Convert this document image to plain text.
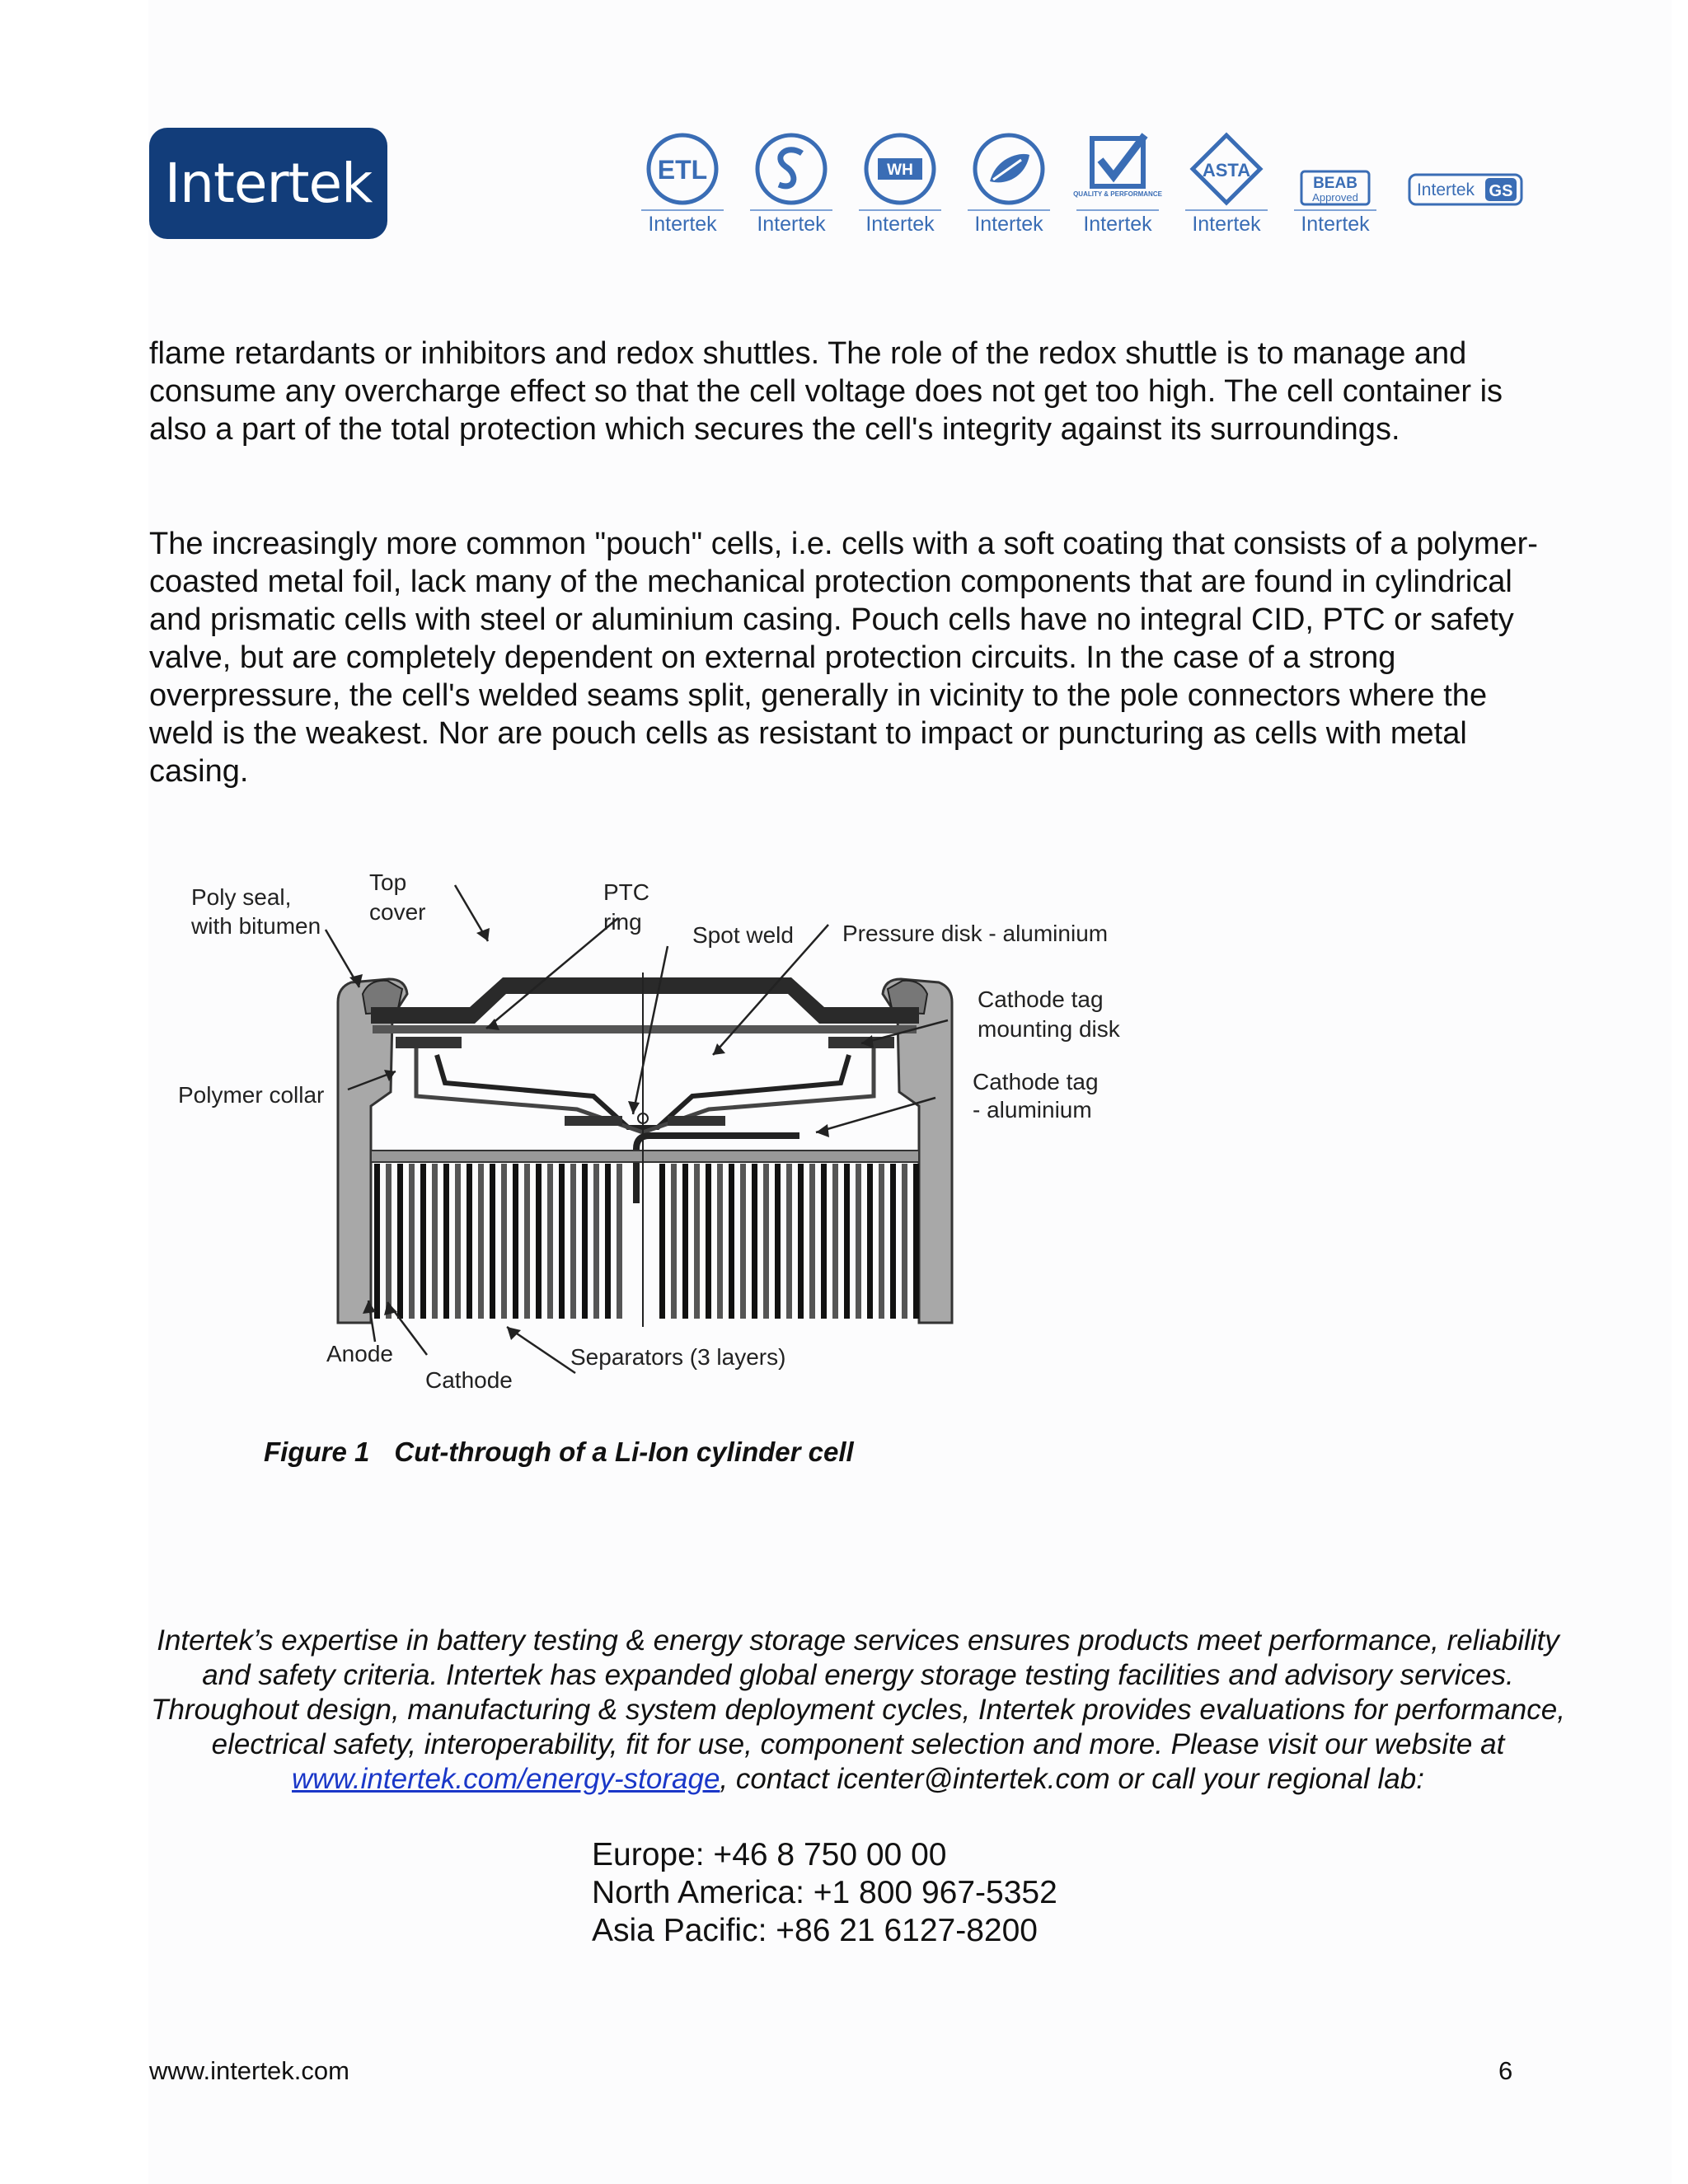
Intertek	ETL
Intertek	Intertek
WH
Intertek	Intertek
QUALITY & PERFORMANCE
Intertek
ASTA
Intertek
BEAB
Approved
Intertek
Intertek GS

flame retardants or inhibitors and redox shuttles. The role of the redox shuttle is to manage and consume any overcharge effect so that the cell voltage does not get too high. The cell container is also a part of the total protection which secures the cell's integrity against its surroundings.

The increasingly more common "pouch" cells, i.e. cells with a soft coating that consists of a polymer-coasted metal foil, lack many of the mechanical protection components that are found in cylindrical and prismatic cells with steel or aluminium casing. Pouch cells have no integral CID, PTC or safety valve, but are completely dependent on external protection circuits. In the case of a strong overpressure, the cell's welded seams split, generally in vicinity to the pole connectors where the weld is the weakest. Nor are pouch cells as resistant to impact or puncturing as cells with metal casing.

Poly seal,
with bitumen
Top
cover
PTC
ring
Spot weld Pressure disk - aluminium
Cathode tag
mounting disk
Polymer collar
Cathode tag
- aluminium
Anode
Cathode
Separators (3 layers)
Figure 1 Cut-through of a Li-Ion cylinder cell

Intertek’s expertise in battery testing & energy storage services ensures products meet performance, reliability and safety criteria. Intertek has expanded global energy storage testing facilities and advisory services. Throughout design, manufacturing & system deployment cycles, Intertek provides evaluations for performance, electrical safety, interoperability, fit for use, component selection and more. Please visit our website at www.intertek.com/energy-storage, contact icenter@intertek.com or call your regional lab:

Europe: +46 8 750 00 00
North America: +1 800 967-5352
Asia Pacific: +86 21 6127-8200
www.intertek.com	6
